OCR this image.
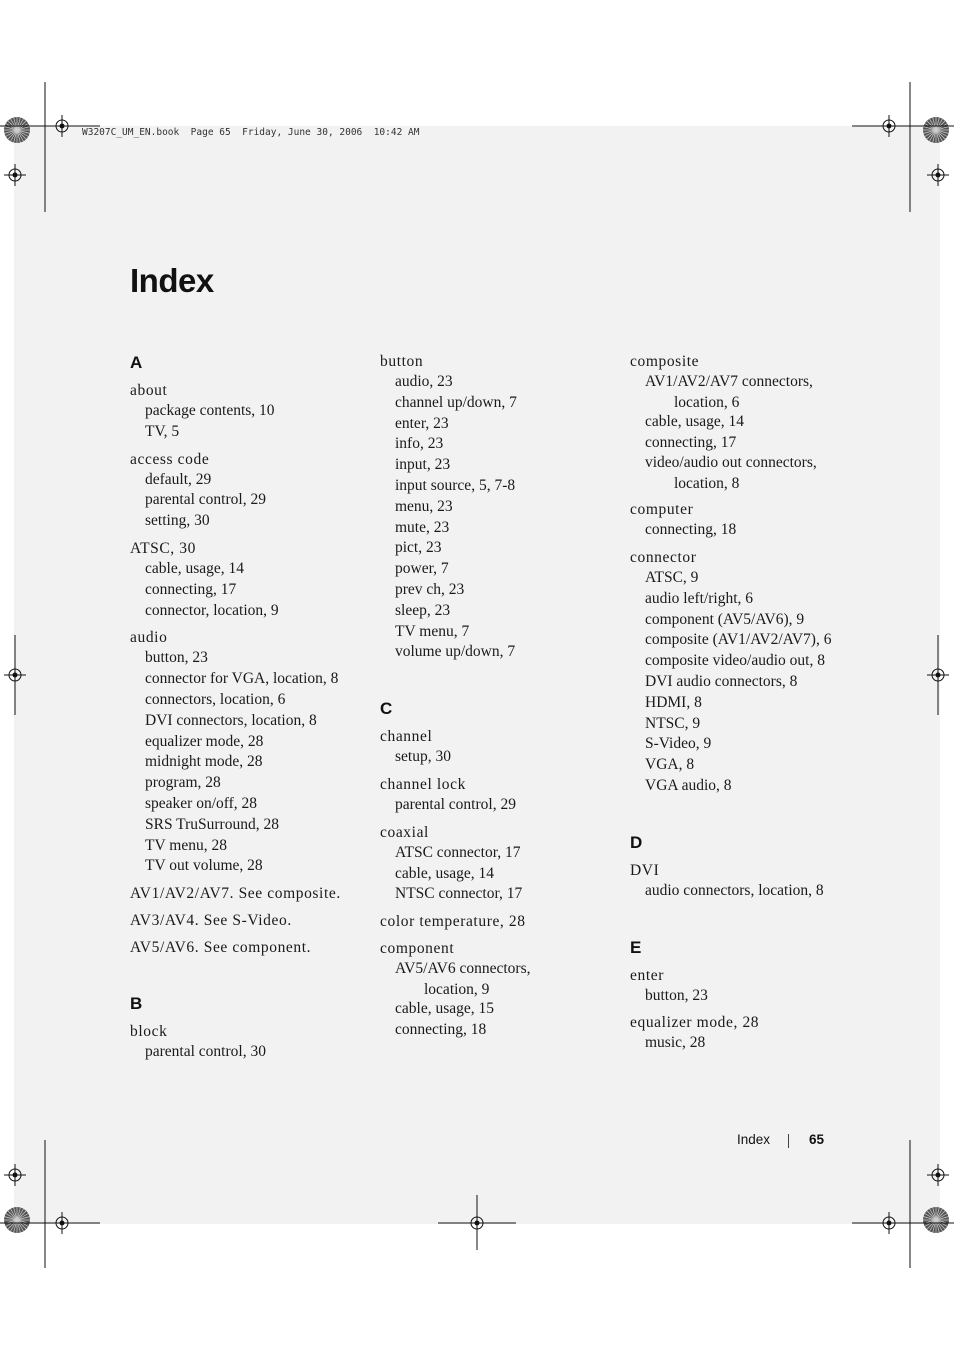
W3207C_UM_EN.book  Page 65  Friday, June 30, 2006  10:42 AM
Index
A
about
package contents, 10
TV, 5
access code
default, 29
parental control, 29
setting, 30
ATSC, 30
cable, usage, 14
connecting, 17
connector, location, 9
audio
button, 23
connector for VGA, location, 8
connectors, location, 6
DVI connectors, location, 8
equalizer mode, 28
midnight mode, 28
program, 28
speaker on/off, 28
SRS TruSurround, 28
TV menu, 28
TV out volume, 28
AV1/AV2/AV7. See composite.
AV3/AV4. See S-Video.
AV5/AV6. See component.
B
block
parental control, 30
button
audio, 23
channel up/down, 7
enter, 23
info, 23
input, 23
input source, 5, 7-8
menu, 23
mute, 23
pict, 23
power, 7
prev ch, 23
sleep, 23
TV menu, 7
volume up/down, 7
C
channel
setup, 30
channel lock
parental control, 29
coaxial
ATSC connector, 17
cable, usage, 14
NTSC connector, 17
color temperature, 28
component
AV5/AV6 connectors,
location, 9
cable, usage, 15
connecting, 18
composite
AV1/AV2/AV7 connectors,
location, 6
cable, usage, 14
connecting, 17
video/audio out connectors,
location, 8
computer
connecting, 18
connector
ATSC, 9
audio left/right, 6
component (AV5/AV6), 9
composite (AV1/AV2/AV7), 6
composite video/audio out, 8
DVI audio connectors, 8
HDMI, 8
NTSC, 9
S-Video, 9
VGA, 8
VGA audio, 8
D
DVI
audio connectors, location, 8
E
enter
button, 23
equalizer mode, 28
music, 28
Index	65
